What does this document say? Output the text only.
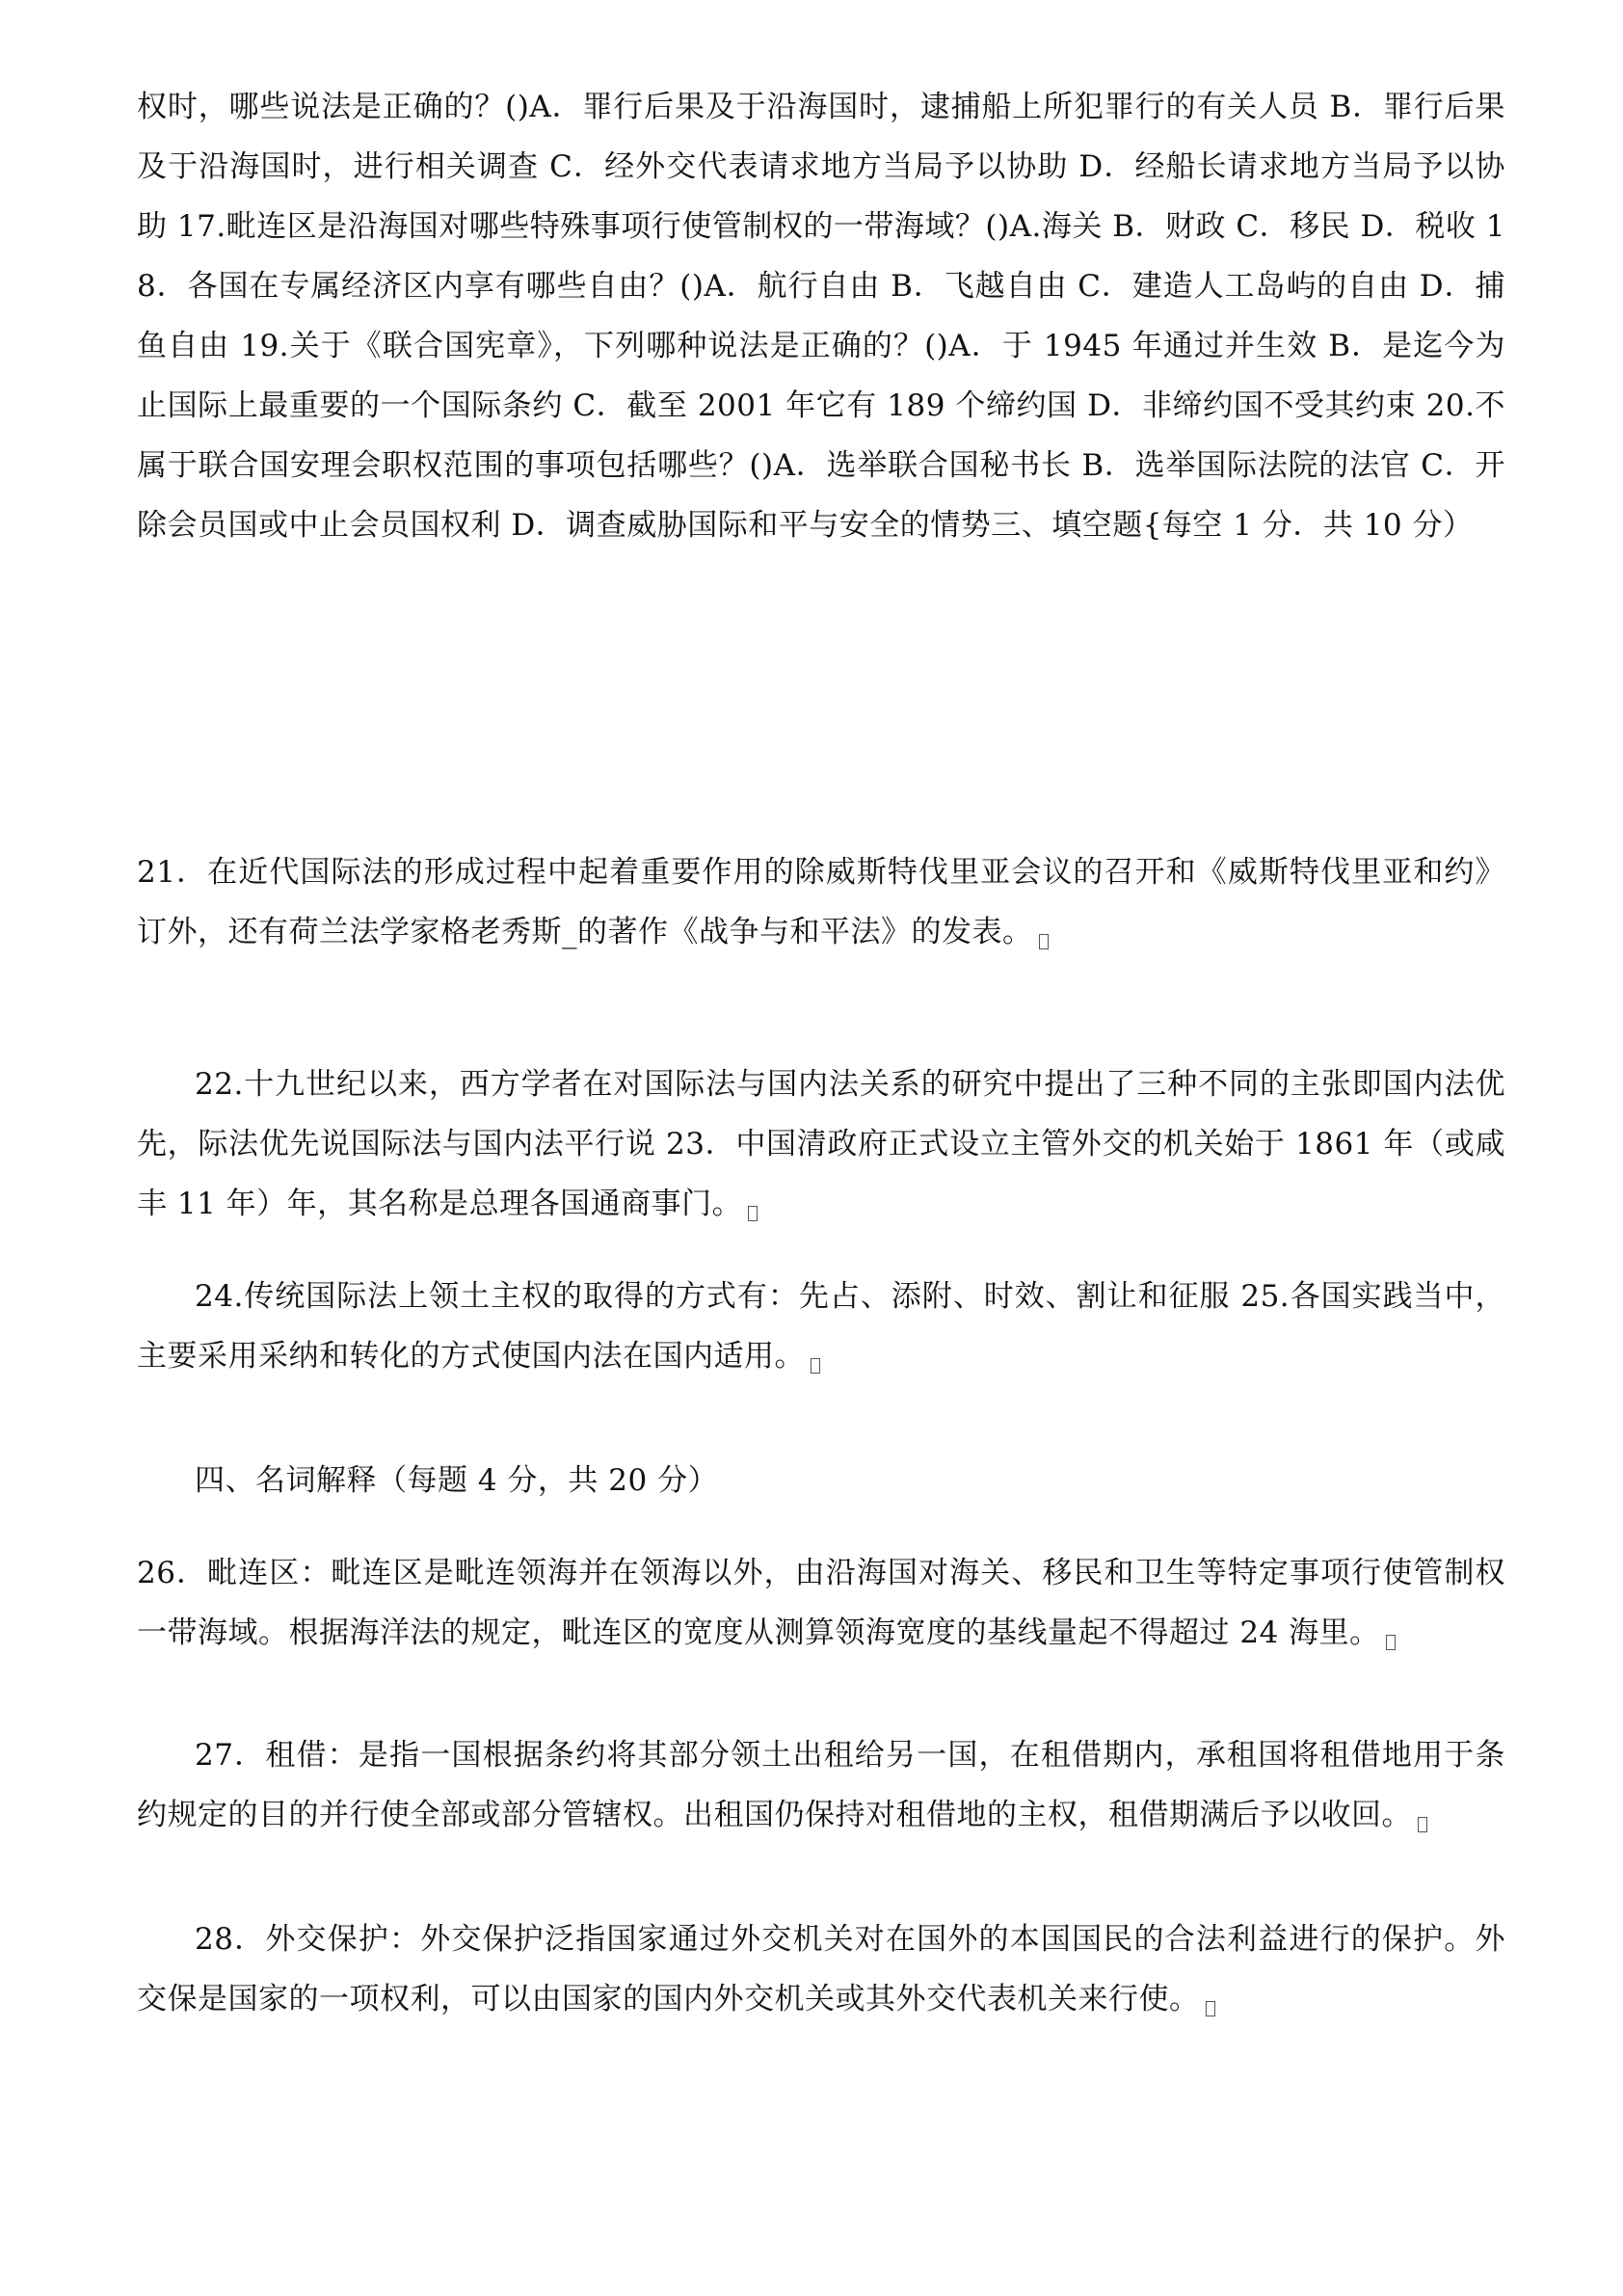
权时，哪些说法是正确的？()A．罪行后果及于沿海国时，逮捕船上所犯罪行的有关人员 B．罪行后果及于沿海国时，进行相关调查 C．经外交代表请求地方当局予以协助 D．经船长请求地方当局予以协助 17.毗连区是沿海国对哪些特殊事项行使管制权的一带海域？()A.海关 B．财政 C．移民 D．税收 18．各国在专属经济区内享有哪些自由？()A．航行自由 B．飞越自由 C．建造人工岛屿的自由 D．捕鱼自由 19.关于《联合国宪章》，下列哪种说法是正确的？()A．于 1945 年通过并生效 B．是迄今为止国际上最重要的一个国际条约 C．截至 2001 年它有 189 个缔约国 D．非缔约国不受其约束 20.不属于联合国安理会职权范围的事项包括哪些？()A．选举联合国秘书长 B．选举国际法院的法官 C．开除会员国或中止会员国权利 D．调查威胁国际和平与安全的情势三、填空题{每空 1 分．共 10 分）

21．在近代国际法的形成过程中起着重要作用的除威斯特伐里亚会议的召开和《威斯特伐里亚和约》订外，还有荷兰法学家格老秀斯_的著作《战争与和平法》的发表。

22.十九世纪以来，西方学者在对国际法与国内法关系的研究中提出了三种不同的主张即国内法优先，际法优先说国际法与国内法平行说 23．中国清政府正式设立主管外交的机关始于 1861 年（或咸丰 11 年）年，其名称是总理各国通商事门。

24.传统国际法上领土主权的取得的方式有：先占、添附、时效、割让和征服 25.各国实践当中，主要采用采纳和转化的方式使国内法在国内适用。

四、名词解释（每题 4 分，共 20 分）

26．毗连区：毗连区是毗连领海并在领海以外，由沿海国对海关、移民和卫生等特定事项行使管制权一带海域。根据海洋法的规定，毗连区的宽度从测算领海宽度的基线量起不得超过 24 海里。

27．租借：是指一国根据条约将其部分领土出租给另一国，在租借期内，承租国将租借地用于条约规定的目的并行使全部或部分管辖权。出租国仍保持对租借地的主权，租借期满后予以收回。

28．外交保护：外交保护泛指国家通过外交机关对在国外的本国国民的合法利益进行的保护。外交保是国家的一项权利，可以由国家的国内外交机关或其外交代表机关来行使。
